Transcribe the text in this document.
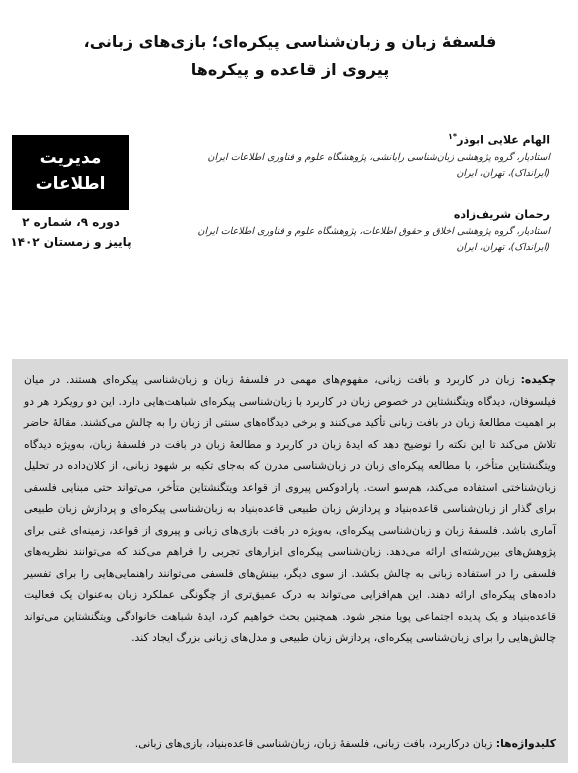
فلسفۀ زبان و زبان‌شناسی پیکره‌ای؛ بازی‌های زبانی،
پیروی از قاعده و پیکره‌ها
مدیریت
اطلاعات
دوره ۹، شماره ۲
پاییز و زمستان ۱۴۰۲
الهام علایی ابوذر$^{*۱}$
استادیار، گروه پژوهشی زبان‌شناسی رایانشی، پژوهشگاه علوم و فناوری اطلاعات ایران
(ایرانداک)، تهران، ایران
رحمان شریف‌زاده
استادیار، گروه پژوهشی اخلاق و حقوق اطلاعات، پژوهشگاه علوم و فناوری اطلاعات ایران
(ایرانداک)، تهران، ایران

چکیده: زبان در کاربرد و بافت زبانی، مفهوم‌های مهمی در فلسفۀ زبان و زبان‌شناسی پیکره‌ای هستند. در میان فیلسوفان، دیدگاه ویتگنشتاین در خصوص زبان در کاربرد با زبان‌شناسی پیکره‌ای شباهت‌هایی دارد. این دو رویکرد هر دو بر اهمیت مطالعۀ زبان در بافت زبانی تأکید می‌کنند و برخی دیدگاه‌های سنتی از زبان را به چالش می‌کشند. مقالۀ حاضر تلاش می‌کند تا این نکته را توضیح دهد که ایدۀ زبان در کاربرد و مطالعۀ زبان در بافت در فلسفۀ زبان، به‌ویژه دیدگاه ویتگنشتاین متأخر، با مطالعه پیکره‌ای زبان در زبان‌شناسی مدرن که به‌جای تکیه بر شهود زبانی، از کلان‌داده در تحلیل زبان‌شناختی استفاده می‌کند، هم‌سو است. پارادوکس پیروی از قواعد ویتگنشتاین متأخر، می‌تواند حتی مبنایی فلسفی برای گذار از زبان‌شناسی قاعده‌بنیاد و پردازش زبان طبیعی قاعده‌بنیاد به زبان‌شناسی پیکره‌ای و پردازش زبان طبیعی آماری باشد. فلسفۀ زبان و زبان‌شناسی پیکره‌ای، به‌ویژه در بافت بازی‌های زبانی و پیروی از قواعد، زمینه‌ای غنی برای پژوهش‌های بین‌رشته‌ای ارائه می‌دهد. زبان‌شناسی پیکره‌ای ابزارهای تجربی را فراهم می‌کند که می‌توانند نظریه‌های فلسفی را در استفاده زبانی به چالش بکشد. از سوی دیگر، بینش‌های فلسفی می‌توانند راهنمایی‌هایی را برای تفسیر داده‌های پیکره‌ای ارائه دهند. این هم‌افزایی می‌تواند به درک عمیق‌تری از چگونگی عملکرد زبان به‌عنوان یک فعالیت قاعده‌بنیاد و یک پدیده اجتماعی پویا منجر شود. همچنین بحث خواهیم کرد، ایدۀ شباهت خانوادگی ویتگنشتاین می‌تواند چالش‌هایی را برای زبان‌شناسی پیکره‌ای، پردازش زبان طبیعی و مدل‌های زبانی بزرگ ایجاد کند.

کلیدواژه‌ها: زبان درکاربرد، بافت زبانی، فلسفۀ زبان، زبان‌شناسی قاعده‌بنیاد، بازی‌های زبانی.
